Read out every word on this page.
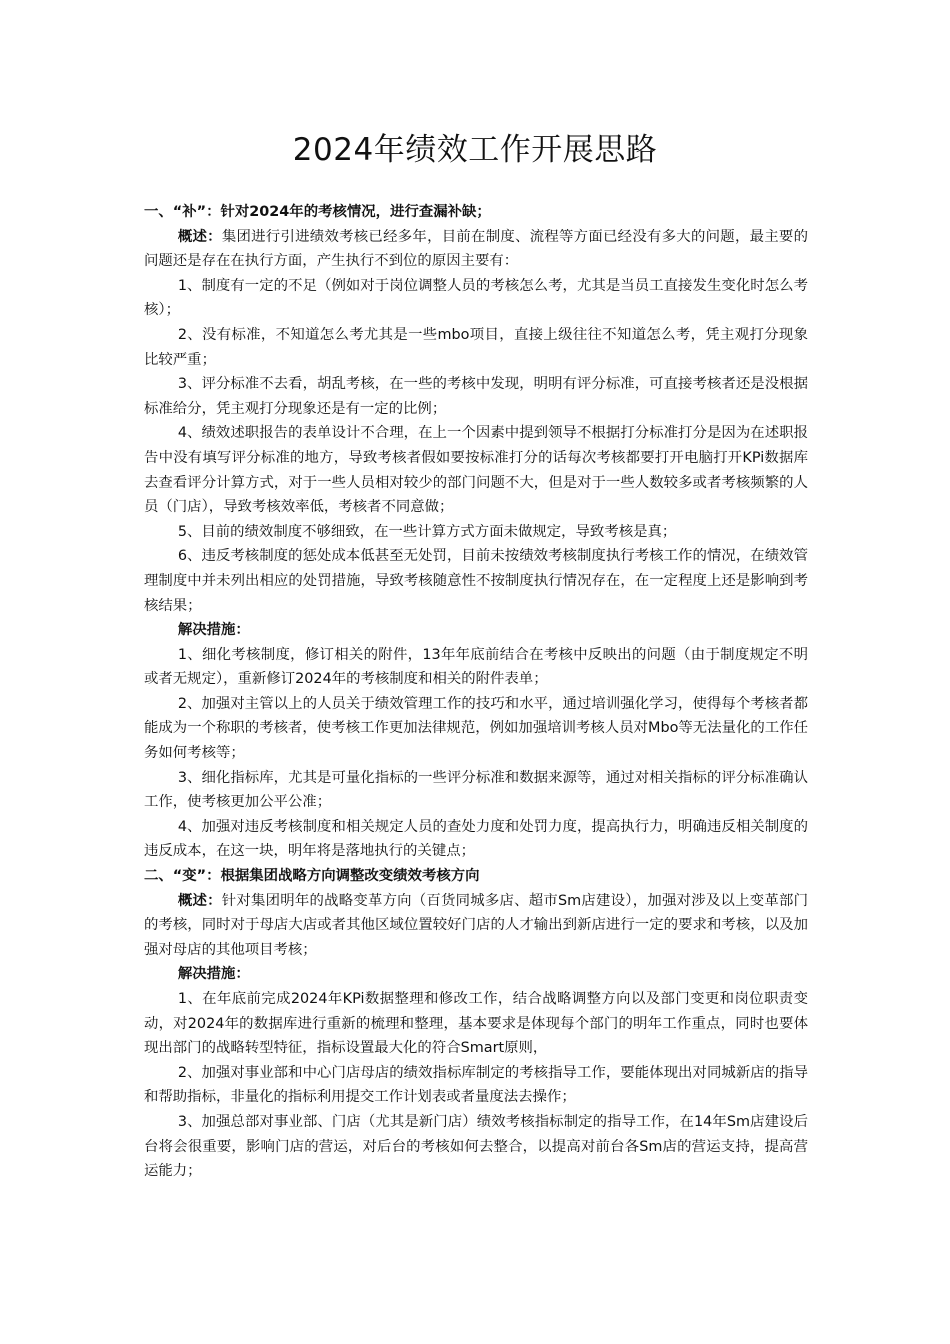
2024年绩效工作开展思路

一、“补”：针对2024年的考核情况，进行查漏补缺；

概述：集团进行引进绩效考核已经多年，目前在制度、流程等方面已经没有多大的问题，最主要的问题还是存在在执行方面，产生执行不到位的原因主要有：

1、制度有一定的不足（例如对于岗位调整人员的考核怎么考，尤其是当员工直接发生变化时怎么考核）；

2、没有标准，不知道怎么考尤其是一些mbo项目，直接上级往往不知道怎么考，凭主观打分现象比较严重；

3、评分标准不去看，胡乱考核，在一些的考核中发现，明明有评分标准，可直接考核者还是没根据标准给分，凭主观打分现象还是有一定的比例；

4、绩效述职报告的表单设计不合理，在上一个因素中提到领导不根据打分标准打分是因为在述职报告中没有填写评分标准的地方，导致考核者假如要按标准打分的话每次考核都要打开电脑打开KPi数据库去查看评分计算方式，对于一些人员相对较少的部门问题不大，但是对于一些人数较多或者考核频繁的人员（门店），导致考核效率低，考核者不同意做；

5、目前的绩效制度不够细致，在一些计算方式方面未做规定，导致考核是真；

6、违反考核制度的惩处成本低甚至无处罚，目前未按绩效考核制度执行考核工作的情况，在绩效管理制度中并未列出相应的处罚措施，导致考核随意性不按制度执行情况存在，在一定程度上还是影响到考核结果；

解决措施：

1、细化考核制度，修订相关的附件，13年年底前结合在考核中反映出的问题（由于制度规定不明或者无规定），重新修订2024年的考核制度和相关的附件表单；

2、加强对主管以上的人员关于绩效管理工作的技巧和水平，通过培训强化学习，使得每个考核者都能成为一个称职的考核者，使考核工作更加法律规范，例如加强培训考核人员对Mbo等无法量化的工作任务如何考核等；

3、细化指标库，尤其是可量化指标的一些评分标准和数据来源等，通过对相关指标的评分标准确认工作，使考核更加公平公准；

4、加强对违反考核制度和相关规定人员的查处力度和处罚力度，提高执行力，明确违反相关制度的违反成本，在这一块，明年将是落地执行的关键点；

二、“变”：根据集团战略方向调整改变绩效考核方向

概述：针对集团明年的战略变革方向（百货同城多店、超市Sm店建设），加强对涉及以上变革部门的考核，同时对于母店大店或者其他区域位置较好门店的人才输出到新店进行一定的要求和考核，以及加强对母店的其他项目考核；

解决措施：

1、在年底前完成2024年KPi数据整理和修改工作，结合战略调整方向以及部门变更和岗位职责变动，对2024年的数据库进行重新的梳理和整理，基本要求是体现每个部门的明年工作重点，同时也要体现出部门的战略转型特征，指标设置最大化的符合Smart原则，

2、加强对事业部和中心门店母店的绩效指标库制定的考核指导工作，要能体现出对同城新店的指导和帮助指标，非量化的指标利用提交工作计划表或者量度法去操作；

3、加强总部对事业部、门店（尤其是新门店）绩效考核指标制定的指导工作，在14年Sm店建设后台将会很重要，影响门店的营运，对后台的考核如何去整合，以提高对前台各Sm店的营运支持，提高营运能力；
